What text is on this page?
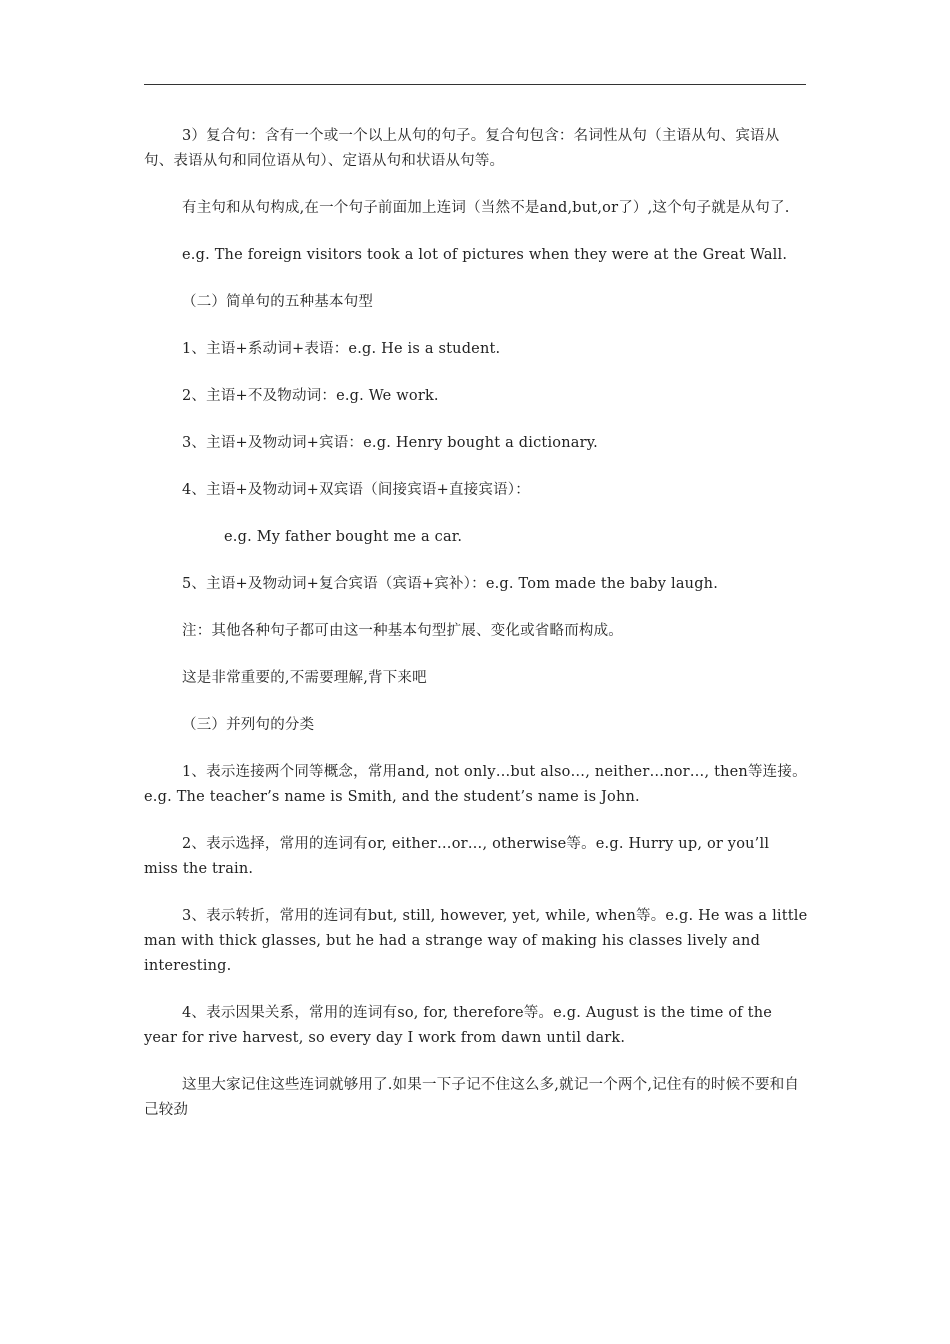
3）复合句：含有一个或一个以上从句的句子。复合句包含：名词性从句（主语从句、宾语从句、表语从句和同位语从句）、定语从句和状语从句等。

有主句和从句构成,在一个句子前面加上连词（当然不是and,but,or了）,这个句子就是从句了.

e.g. The foreign visitors took a lot of pictures when they were at the Great Wall.

（二）简单句的五种基本句型

1、主语+系动词+表语：e.g. He is a student.

2、主语+不及物动词：e.g. We work.

3、主语+及物动词+宾语：e.g. Henry bought a dictionary.

4、主语+及物动词+双宾语（间接宾语+直接宾语）：

e.g. My father bought me a car.

5、主语+及物动词+复合宾语（宾语+宾补）：e.g. Tom made the baby laugh.

注：其他各种句子都可由这一种基本句型扩展、变化或省略而构成。

这是非常重要的,不需要理解,背下来吧

（三）并列句的分类

1、表示连接两个同等概念，常用and, not only…but also…, neither…nor…, then等连接。e.g. The teacher’s name is Smith, and the student’s name is John.

2、表示选择，常用的连词有or, either…or…, otherwise等。e.g. Hurry up, or you’ll miss the train.

3、表示转折，常用的连词有but, still, however, yet, while, when等。e.g. He was a little man with thick glasses, but he had a strange way of making his classes lively and interesting.

4、表示因果关系，常用的连词有so, for, therefore等。e.g. August is the time of the year for rive harvest, so every day I work from dawn until dark.

这里大家记住这些连词就够用了.如果一下子记不住这么多,就记一个两个,记住有的时候不要和自己较劲
